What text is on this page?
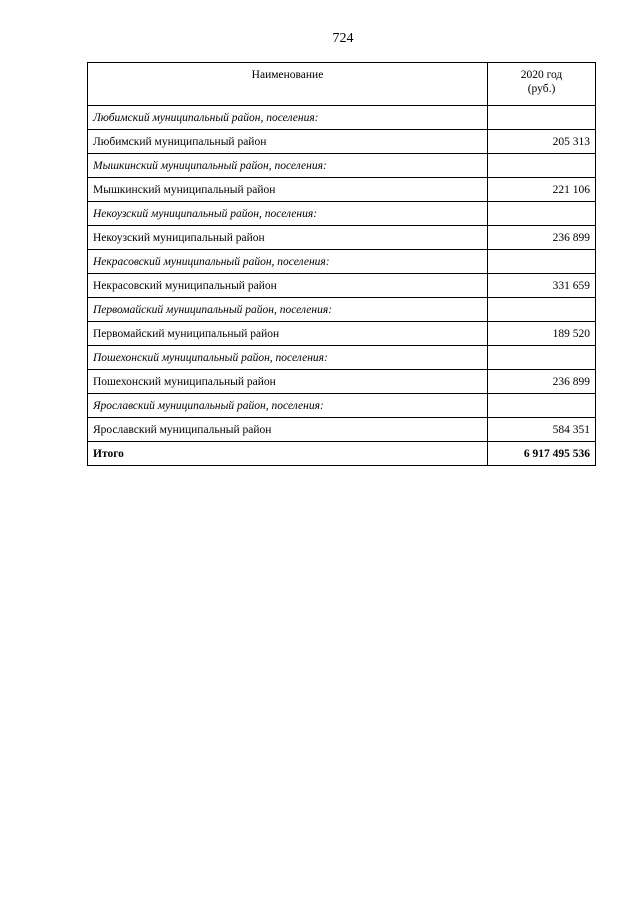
724
Наименование	2020 год
(руб.)
Любимский муниципальный район, поселения:	
Любимский муниципальный район	205 313
Мышкинский муниципальный район, поселения:	
Мышкинский муниципальный район	221 106
Некоузский муниципальный район, поселения:	
Некоузский муниципальный район	236 899
Некрасовский муниципальный район, поселения:	
Некрасовский муниципальный район	331 659
Первомайский муниципальный район, поселения:	
Первомайский муниципальный район	189 520
Пошехонский муниципальный район, поселения:	
Пошехонский муниципальный район	236 899
Ярославский муниципальный район, поселения:	
Ярославский муниципальный район	584 351
Итого	6 917 495 536
